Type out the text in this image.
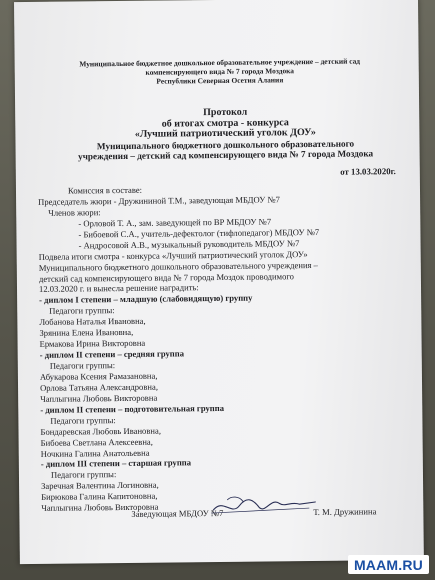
Муниципальное бюджетное дошкольное образовательное учреждение – детский сад
компенсирующего вида № 7 города Моздока
Республики Северная Осетия Алания
Протокол
об итогах смотра - конкурса
«Лучший патриотический уголок ДОУ»
Муниципального бюджетного дошкольного образовательного
учреждения – детский сад компенсирующего вида № 7 города Моздока
от 13.03.2020г.
Комиссия в составе:
Председатель жюри - Дружининой Т.М., заведующая МБДОУ №7
Членов жюри:
- Орловой Т. А., зам. заведующей по ВР МБДОУ №7
- Бибоевой С.А., учитель-дефектолог (тифлопедагог) МБДОУ №7
- Андросовой А.В., музыкальный руководитель МБДОУ №7
Подвела итоги смотра - конкурса «Лучший патриотический уголок ДОУ»
Муниципального бюджетного дошкольного образовательного учреждения –
детский сад компенсирующего вида № 7 города Моздок проводимого
12.03.2020 г. и вынесла решение наградить:
- диплом I степени – младшую (слабовидящую) группу
Педагоги группы:
Лобанова Наталья Ивановна,
Зрянина Елена Ивановна,
Ермакова Ирина Викторовна
- диплом II степени – средняя группа
Педагоги группы:
Абукарова Ксения Рамазановна,
Орлова Татьяна Александровна,
Чаплыгина Любовь Викторовна
- диплом II степени – подготовительная группа
Педагоги группы:
Бондаревская Любовь Ивановна,
Бибоева Светлана Алексеевна,
Ночкина Галина Анатольевна
- диплом III степени – старшая группа
Педагоги группы:
Заречная Валентина Логиновна,
Бирюкова Галина Капитоновна,
Чаплыгина Любовь Викторовна
Заведующая МБДОУ №7	Т. М. Дружинина
MAAM.RU
